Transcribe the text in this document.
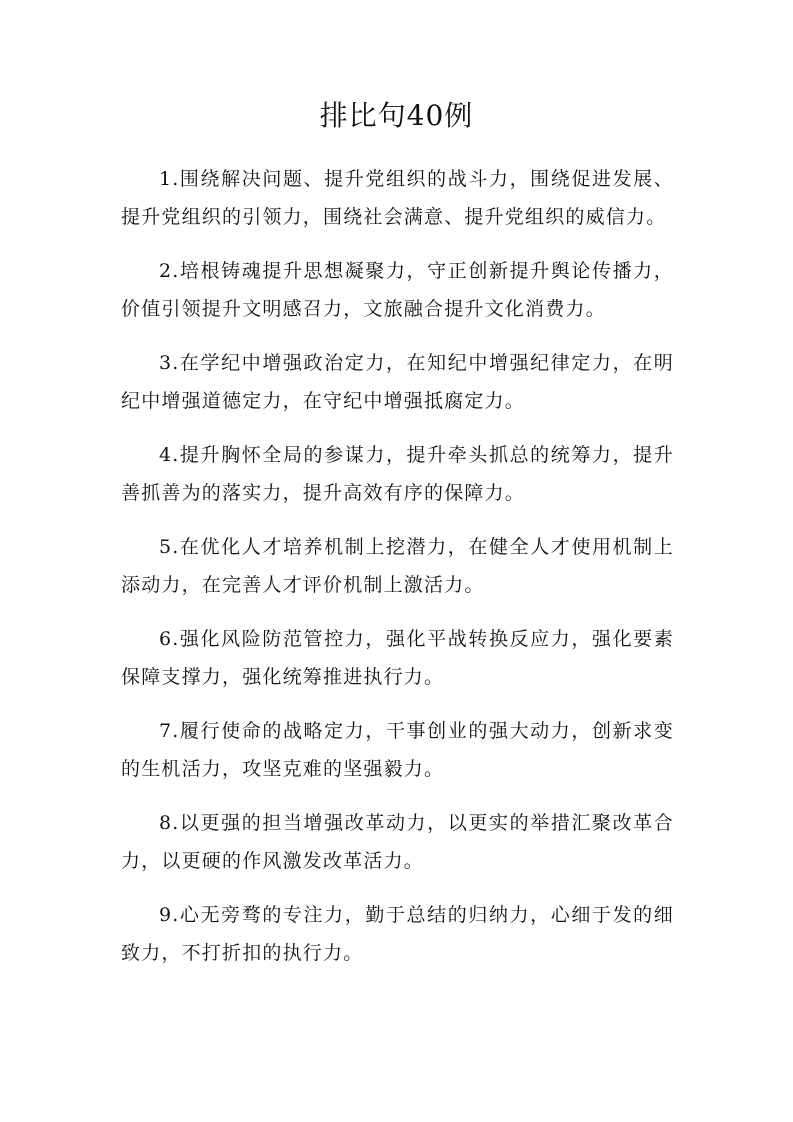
排比句40例

1.围绕解决问题、提升党组织的战斗力，围绕促进发展、提升党组织的引领力，围绕社会满意、提升党组织的威信力。

2.培根铸魂提升思想凝聚力，守正创新提升舆论传播力，价值引领提升文明感召力，文旅融合提升文化消费力。

3.在学纪中增强政治定力，在知纪中增强纪律定力，在明纪中增强道德定力，在守纪中增强抵腐定力。

4.提升胸怀全局的参谋力，提升牵头抓总的统筹力，提升善抓善为的落实力，提升高效有序的保障力。

5.在优化人才培养机制上挖潜力，在健全人才使用机制上添动力，在完善人才评价机制上激活力。

6.强化风险防范管控力，强化平战转换反应力，强化要素保障支撑力，强化统筹推进执行力。

7.履行使命的战略定力，干事创业的强大动力，创新求变的生机活力，攻坚克难的坚强毅力。

8.以更强的担当增强改革动力，以更实的举措汇聚改革合力，以更硬的作风激发改革活力。

9.心无旁骛的专注力，勤于总结的归纳力，心细于发的细致力，不打折扣的执行力。
